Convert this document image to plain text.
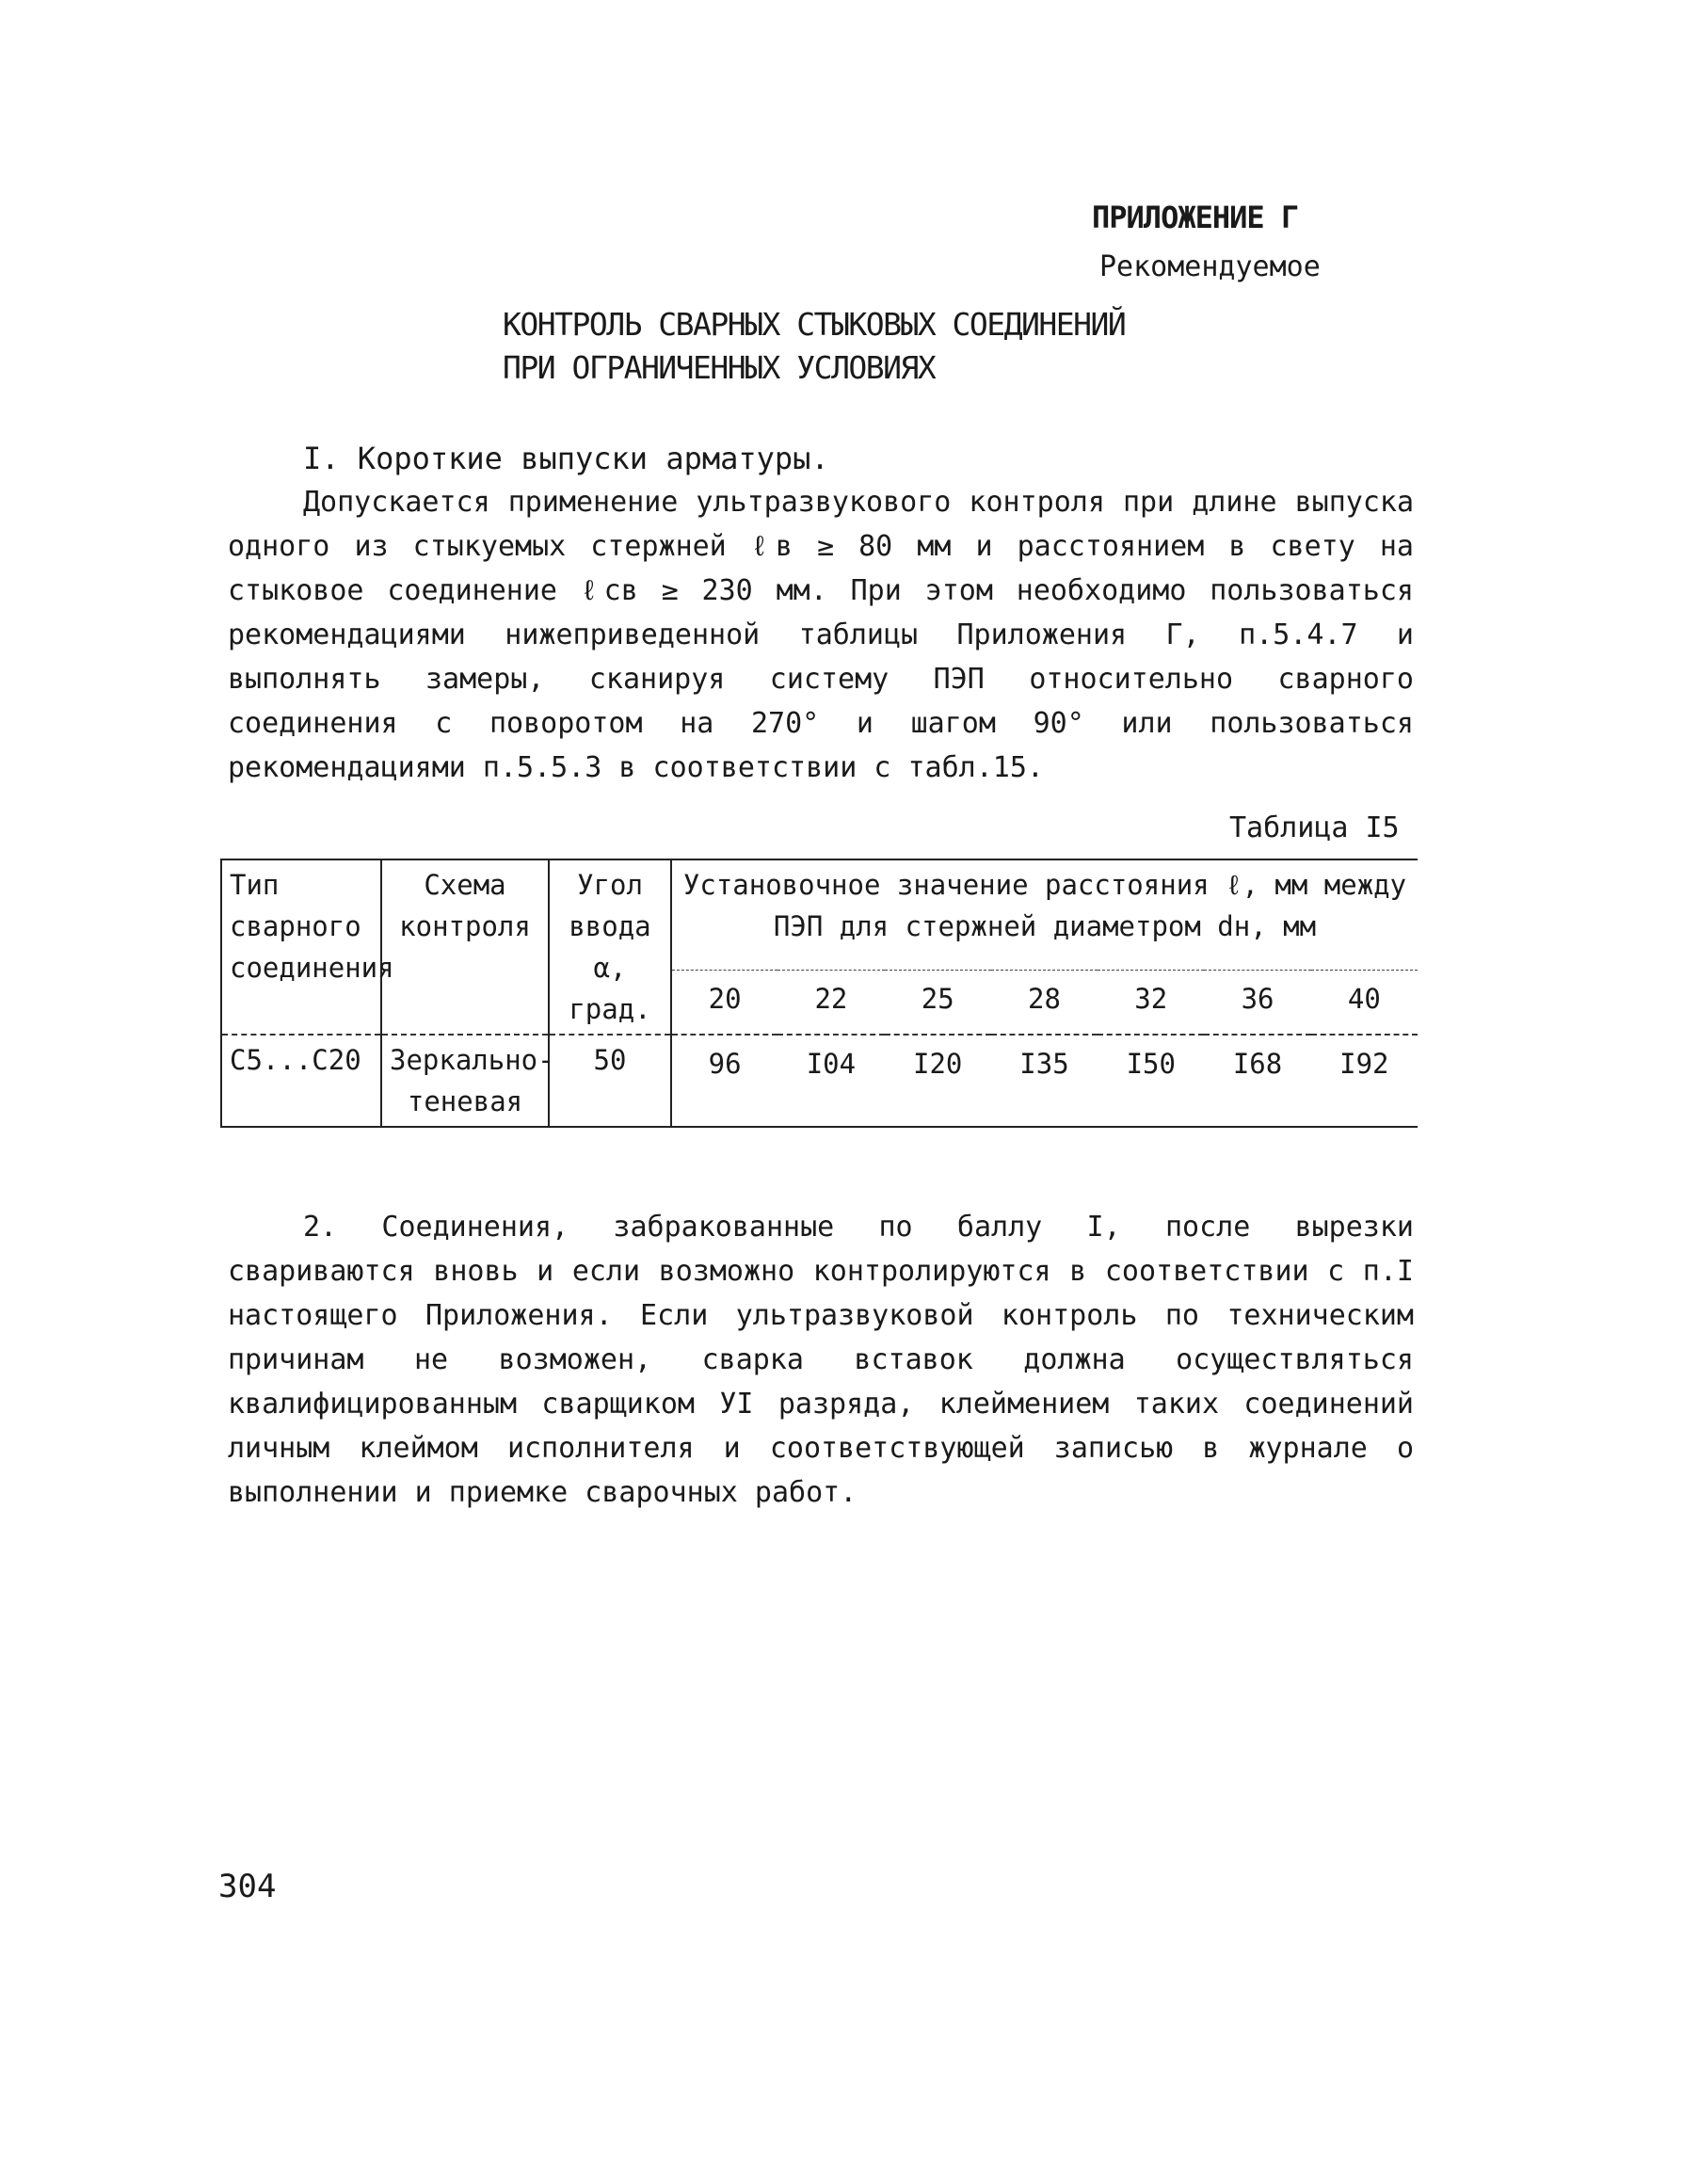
ПРИЛОЖЕНИЕ Г
Рекомендуемое
КОНТРОЛЬ СВАРНЫХ СТЫКОВЫХ СОЕДИНЕНИЙ
ПРИ ОГРАНИЧЕННЫХ УСЛОВИЯХ
I. Короткие выпуски арматуры.
Допускается применение ультразвукового контроля при длине выпуска одного из стыкуемых стержней ℓв ≥ 80 мм и расстоянием в свету на стыковое соединение ℓсв ≥ 230 мм. При этом необходимо пользоваться рекомендациями нижеприведенной таблицы Приложения Г, п.5.4.7 и выполнять замеры, сканируя систему ПЭП относительно сварного соединения с поворотом на 270° и шагом 90° или пользоваться рекомендациями п.5.5.3 в соответствии с табл.15.
Таблица I5
Тип сварного соединения	Схема контроля	Угол ввода α, град.	Установочное значение расстояния ℓ, мм между ПЭП для стержней диаметром dн, мм						
			20	22	25	28	32	36	40
С5...С20	Зеркально-теневая	50	96	I04	I20	I35	I50	I68	I92
2. Соединения, забракованные по баллу I, после вырезки свариваются вновь и если возможно контролируются в соответствии с п.I настоящего Приложения. Если ультразвуковой контроль по техническим причинам не возможен, сварка вставок должна осуществляться квалифицированным сварщиком УI разряда, клеймением таких соединений личным клеймом исполнителя и соответствующей записью в журнале о выполнении и приемке сварочных работ.
304
